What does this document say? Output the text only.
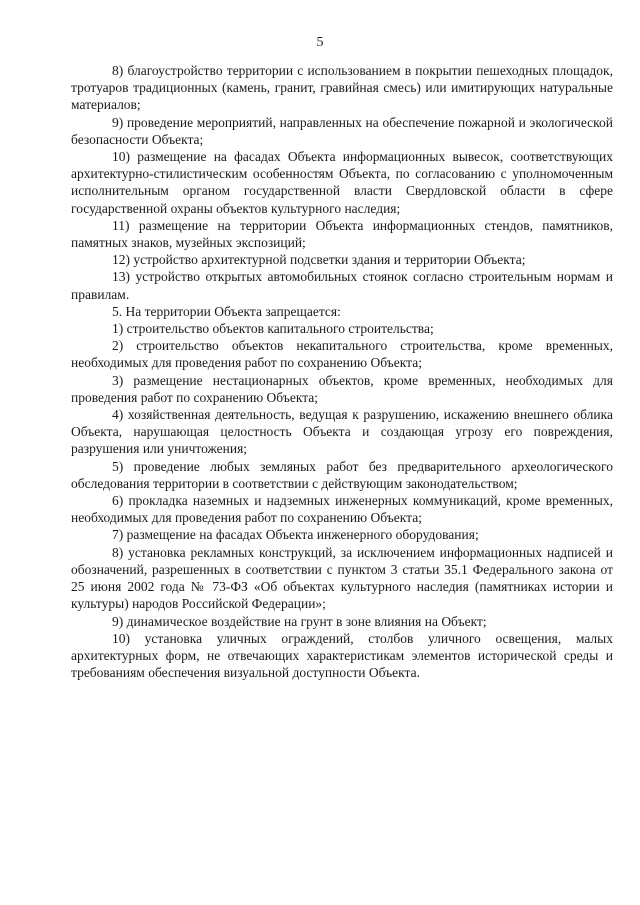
5

8) благоустройство территории с использованием в покрытии пешеходных площадок, тротуаров традиционных (камень, гранит, гравийная смесь) или имитирующих натуральные материалов;

9) проведение мероприятий, направленных на обеспечение пожарной и экологической безопасности Объекта;

10) размещение на фасадах Объекта информационных вывесок, соответствующих архитектурно-стилистическим особенностям Объекта, по согласованию с уполномоченным исполнительным органом государственной власти Свердловской области в сфере государственной охраны объектов культурного наследия;

11) размещение на территории Объекта информационных стендов, памятников, памятных знаков, музейных экспозиций;

12) устройство архитектурной подсветки здания и территории Объекта;

13) устройство открытых автомобильных стоянок согласно строительным нормам и правилам.

5. На территории Объекта запрещается:

1) строительство объектов капитального строительства;

2) строительство объектов некапитального строительства, кроме временных, необходимых для проведения работ по сохранению Объекта;

3) размещение нестационарных объектов, кроме временных, необходимых для проведения работ по сохранению Объекта;

4) хозяйственная деятельность, ведущая к разрушению, искажению внешнего облика Объекта, нарушающая целостность Объекта и создающая угрозу его повреждения, разрушения или уничтожения;

5) проведение любых земляных работ без предварительного археологического обследования территории в соответствии с действующим законодательством;

6) прокладка наземных и надземных инженерных коммуникаций, кроме временных, необходимых для проведения работ по сохранению Объекта;

7) размещение на фасадах Объекта инженерного оборудования;

8) установка рекламных конструкций, за исключением информационных надписей и обозначений, разрешенных в соответствии с пунктом 3 статьи 35.1 Федерального закона от 25 июня 2002 года № 73-ФЗ «Об объектах культурного наследия (памятниках истории и культуры) народов Российской Федерации»;

9) динамическое воздействие на грунт в зоне влияния на Объект;

10) установка уличных ограждений, столбов уличного освещения, малых архитектурных форм, не отвечающих характеристикам элементов исторической среды и требованиям обеспечения визуальной доступности Объекта.
